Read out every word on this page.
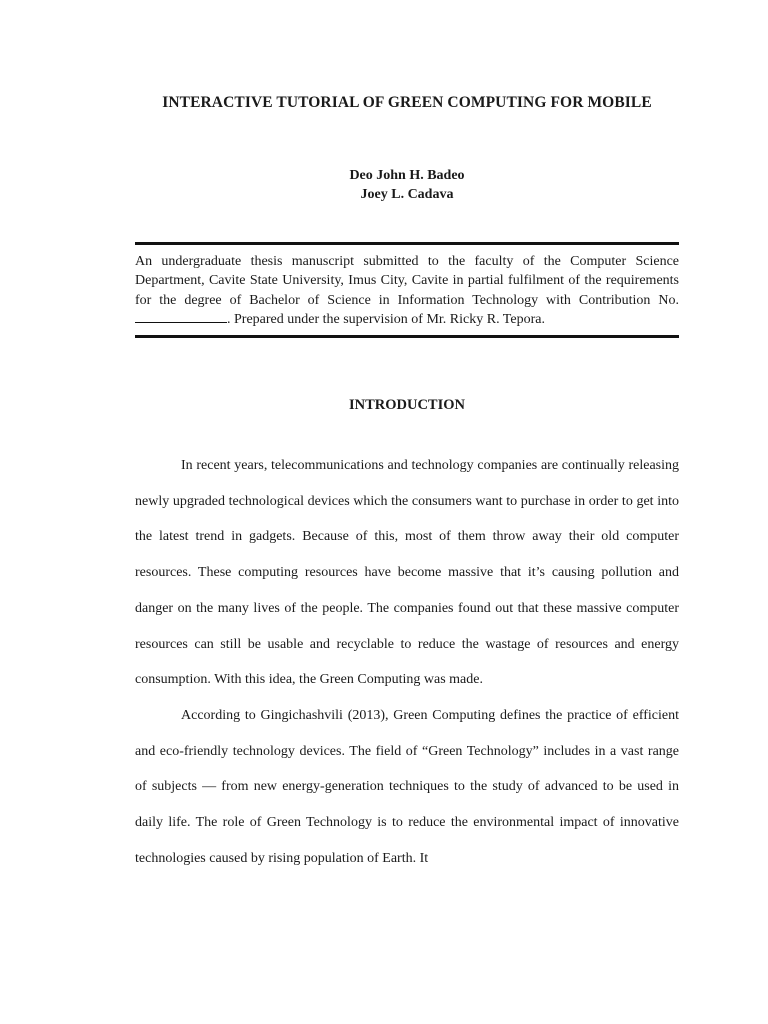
INTERACTIVE TUTORIAL OF GREEN COMPUTING FOR MOBILE
Deo John H. Badeo
Joey L. Cadava
An undergraduate thesis manuscript submitted to the faculty of the Computer Science Department, Cavite State University, Imus City, Cavite in partial fulfilment of the requirements for the degree of Bachelor of Science in Information Technology with Contribution No.. Prepared under the supervision of Mr. Ricky R. Tepora.
INTRODUCTION

In recent years, telecommunications and technology companies are continually releasing newly upgraded technological devices which the consumers want to purchase in order to get into the latest trend in gadgets. Because of this, most of them throw away their old computer resources. These computing resources have become massive that it’s causing pollution and danger on the many lives of the people. The companies found out that these massive computer resources can still be usable and recyclable to reduce the wastage of resources and energy consumption. With this idea, the Green Computing was made.

According to Gingichashvili (2013), Green Computing defines the practice of efficient and eco-friendly technology devices. The field of “Green Technology” includes in a vast range of subjects — from new energy-generation techniques to the study of advanced to be used in daily life. The role of Green Technology is to reduce the environmental impact of innovative technologies caused by rising population of Earth. It
